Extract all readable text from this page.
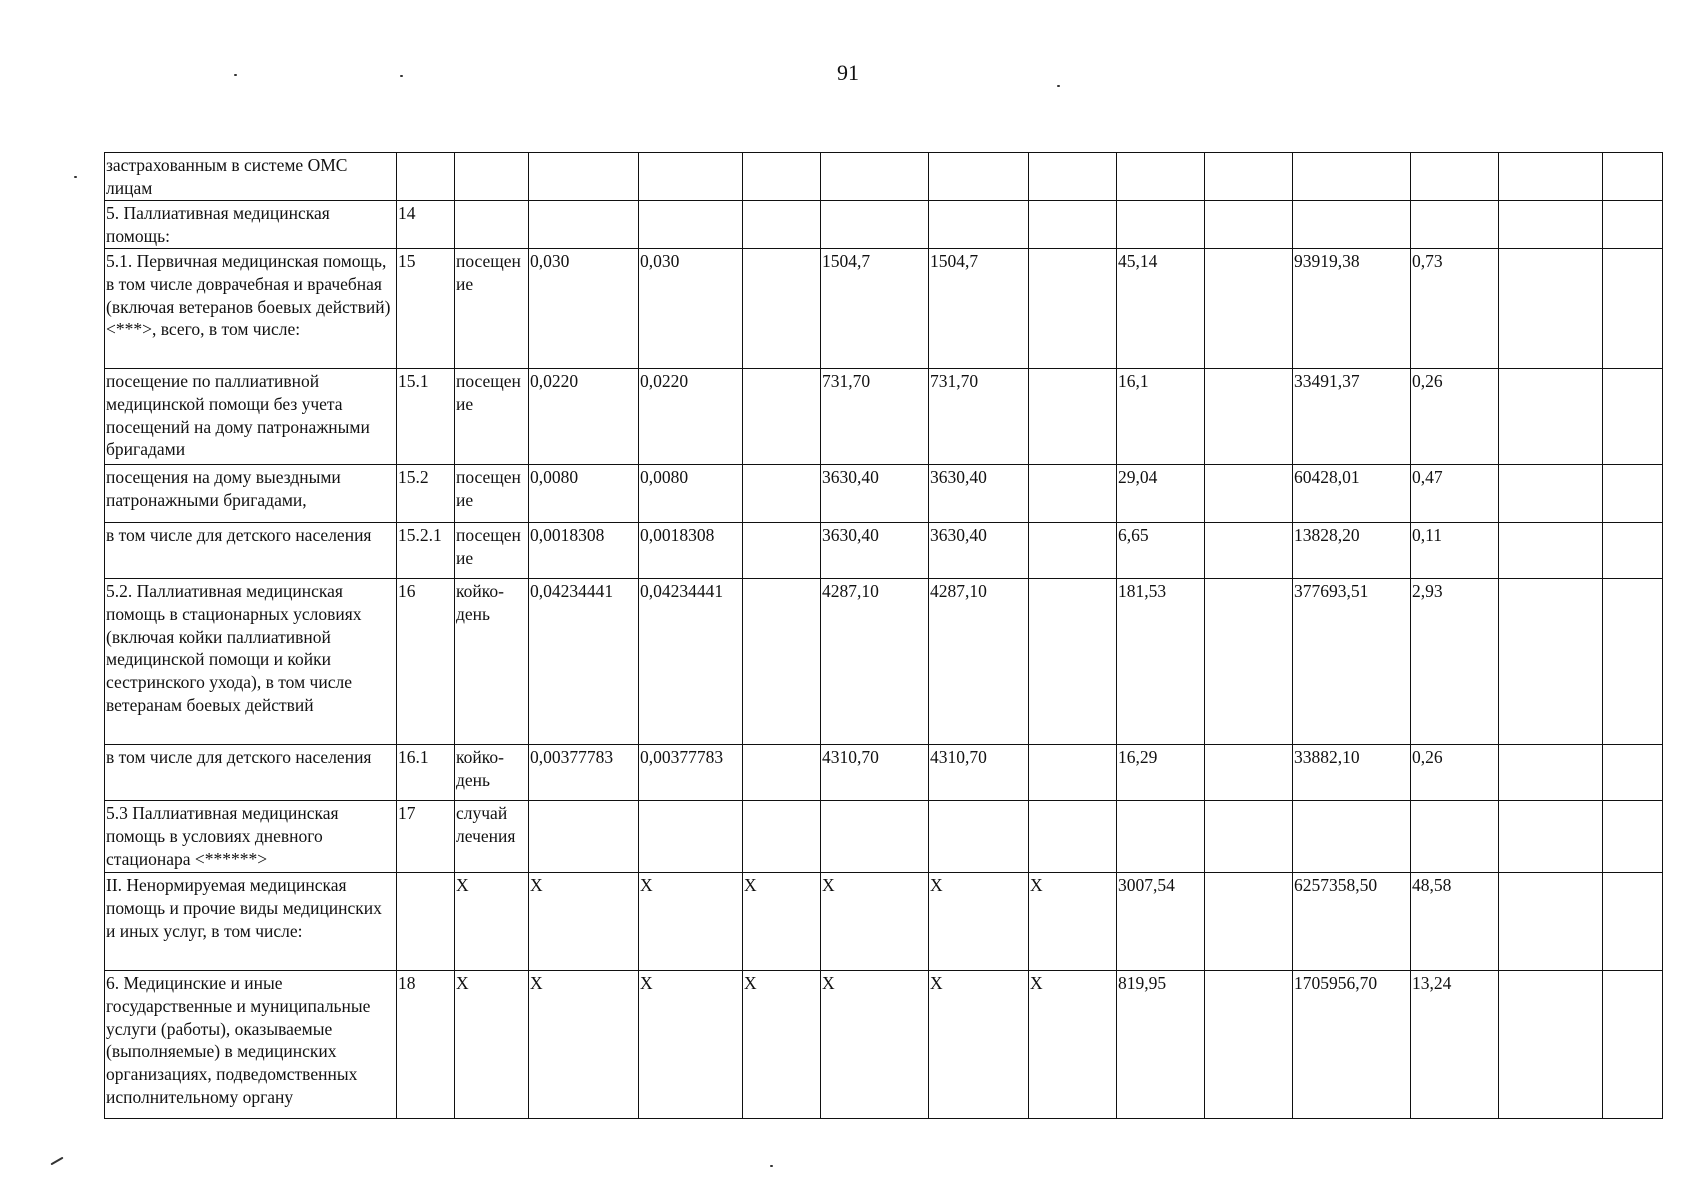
91
застрахованным в системе ОМС лицам														
5. Паллиативная медицинская помощь:	14													
5.1. Первичная медицинская помощь, в том числе доврачебная и врачебная (включая ветеранов боевых действий) <***>, всего, в том числе:	15	посещение	0,030	0,030		1504,7	1504,7		45,14		93919,38	0,73		
посещение по паллиативной медицинской помощи без учета посещений на дому патронажными бригадами	15.1	посещение	0,0220	0,0220		731,70	731,70		16,1		33491,37	0,26		
посещения на дому выездными патронажными бригадами,	15.2	посещение	0,0080	0,0080		3630,40	3630,40		29,04		60428,01	0,47		
в том числе для детского населения	15.2.1	посещение	0,0018308	0,0018308		3630,40	3630,40		6,65		13828,20	0,11		
5.2. Паллиативная медицинская помощь в стационарных условиях (включая койки паллиативной медицинской помощи и койки сестринского ухода), в том числе ветеранам боевых действий	16	койко-день	0,04234441	0,04234441		4287,10	4287,10		181,53		377693,51	2,93		
в том числе для детского населения	16.1	койко-день	0,00377783	0,00377783		4310,70	4310,70		16,29		33882,10	0,26		
5.3 Паллиативная медицинская помощь в условиях дневного стационара <******>	17	случай лечения												
II. Ненормируемая медицинская помощь и прочие виды медицинских и иных услуг, в том числе:		X	X	X	X	X	X	X	3007,54		6257358,50	48,58		
6. Медицинские и иные государственные и муниципальные услуги (работы), оказываемые (выполняемые) в медицинских организациях, подведомственных исполнительному органу	18	X	X	X	X	X	X	X	819,95		1705956,70	13,24		
